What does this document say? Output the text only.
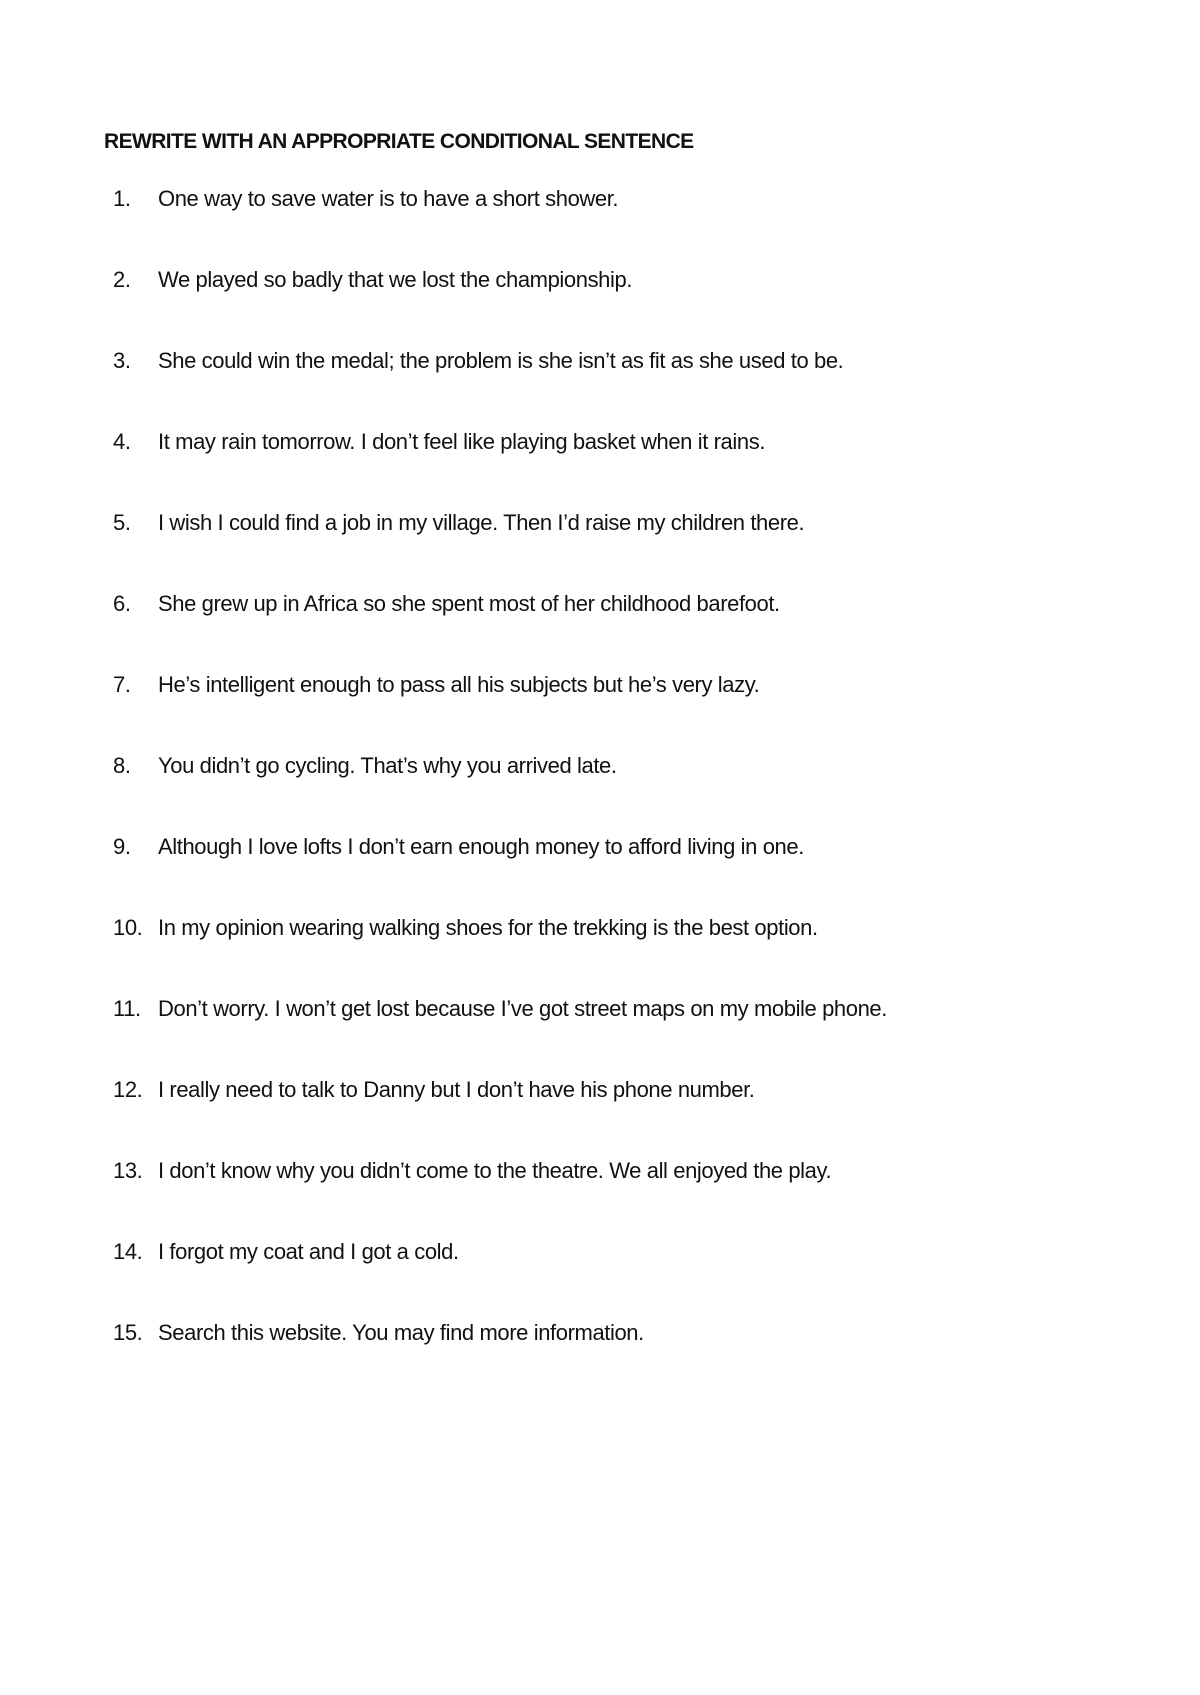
REWRITE WITH AN APPROPRIATE CONDITIONAL SENTENCE
1.	One way to save water is to have a short shower.
2.	We played so badly that we lost the championship.
3.	She could win the medal; the problem is she isn’t as fit as she used to be.
4.	It may rain tomorrow. I don’t feel like playing basket when it rains.
5.	I wish I could find a job in my village. Then I’d raise my children there.
6.	She grew up in Africa so she spent most of her childhood barefoot.
7.	He’s intelligent enough to pass all his subjects but he’s very lazy.
8.	You didn’t go cycling. That’s why you arrived late.
9.	Although I love lofts I don’t earn enough money to afford living in one.
10. In my opinion wearing walking shoes for the trekking is the best option.
11. Don’t worry. I won’t get lost because I’ve got street maps on my mobile phone.
12. I really need to talk to Danny but I don’t have his phone number.
13. I don’t know why you didn’t come to the theatre. We all enjoyed the play.
14. I forgot my coat and I got a cold.
15. Search this website. You may find more information.
